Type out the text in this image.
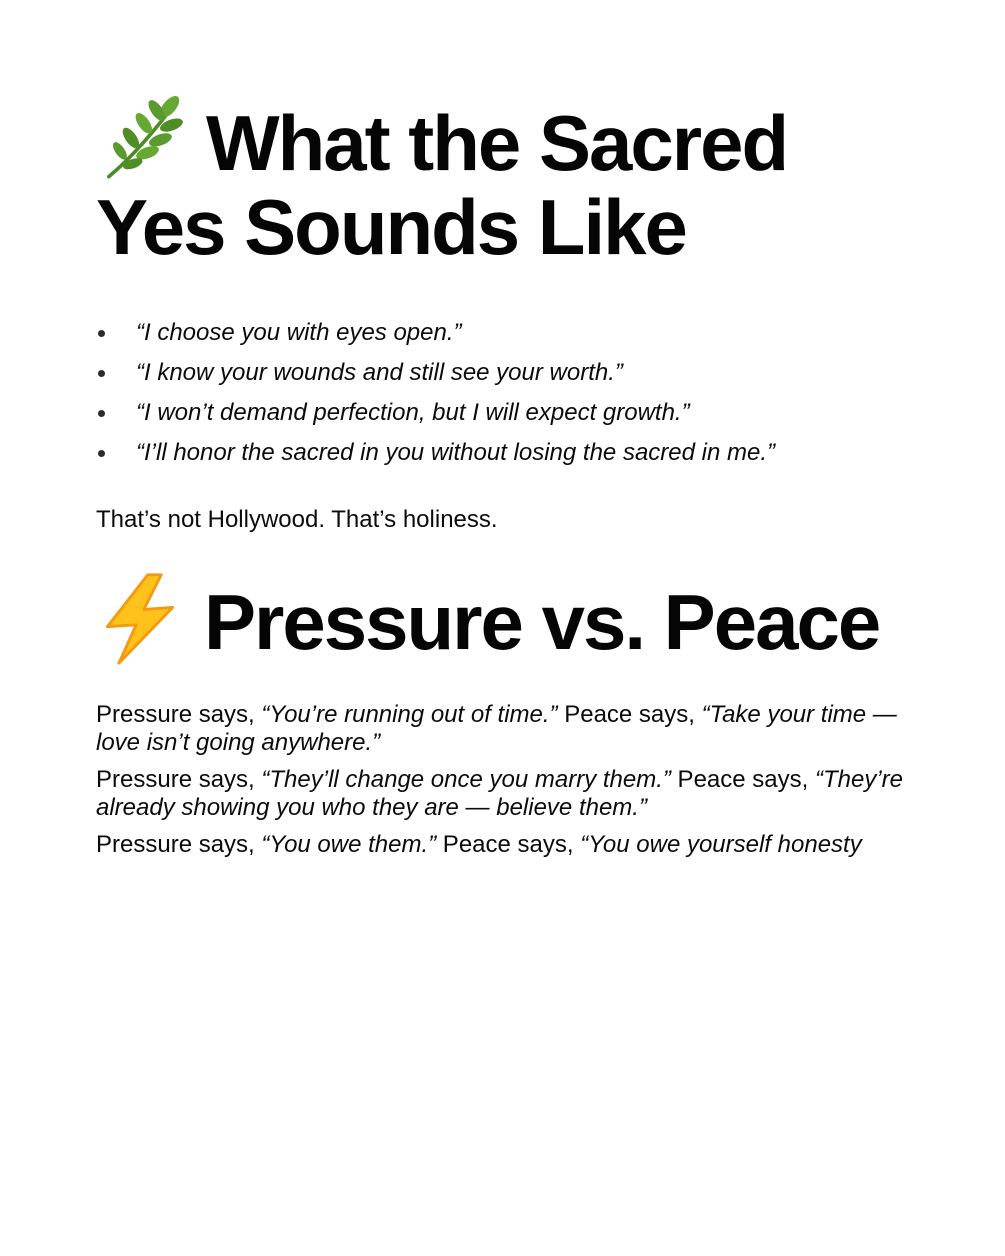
What the Sacred Yes Sounds Like
“I choose you with eyes open.”
“I know your wounds and still see your worth.”
“I won’t demand perfection, but I will expect growth.”
“I’ll honor the sacred in you without losing the sacred in me.”

That’s not Hollywood. That’s holiness.

Pressure vs. Peace

Pressure says, “You’re running out of time.” Peace says, “Take your time — love isn’t going anywhere.”

Pressure says, “They’ll change once you marry them.” Peace says, “They’re already showing you who they are — believe them.”

Pressure says, “You owe them.” Peace says, “You owe yourself honesty
